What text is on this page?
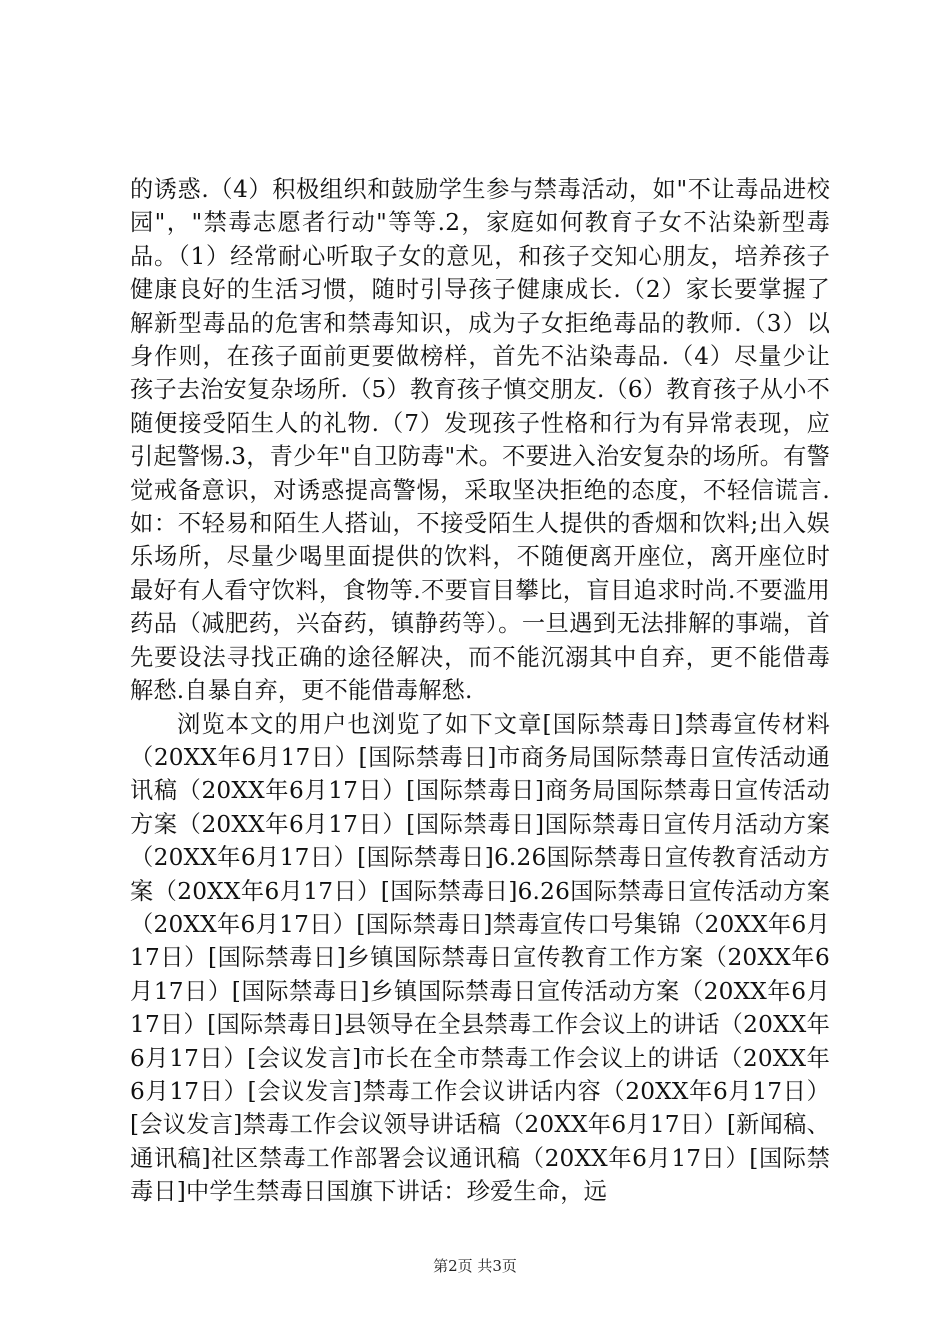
的诱惑.（4）积极组织和鼓励学生参与禁毒活动，如"不让毒品进校园"，"禁毒志愿者行动"等等.2，家庭如何教育子女不沾染新型毒品。（1）经常耐心听取子女的意见，和孩子交知心朋友，培养孩子健康良好的生活习惯，随时引导孩子健康成长.（2）家长要掌握了解新型毒品的危害和禁毒知识，成为子女拒绝毒品的教师.（3）以身作则，在孩子面前更要做榜样，首先不沾染毒品.（4）尽量少让孩子去治安复杂场所.（5）教育孩子慎交朋友.（6）教育孩子从小不随便接受陌生人的礼物.（7）发现孩子性格和行为有异常表现，应引起警惕.3，青少年"自卫防毒"术。不要进入治安复杂的场所。有警觉戒备意识，对诱惑提高警惕，采取坚决拒绝的态度，不轻信谎言.如：不轻易和陌生人搭讪，不接受陌生人提供的香烟和饮料;出入娱乐场所，尽量少喝里面提供的饮料，不随便离开座位，离开座位时最好有人看守饮料，食物等.不要盲目攀比，盲目追求时尚.不要滥用药品（减肥药，兴奋药，镇静药等）。一旦遇到无法排解的事端，首先要设法寻找正确的途径解决，而不能沉溺其中自弃，更不能借毒解愁.自暴自弃，更不能借毒解愁.

浏览本文的用户也浏览了如下文章[国际禁毒日]禁毒宣传材料（20XX年6月17日）[国际禁毒日]市商务局国际禁毒日宣传活动通讯稿（20XX年6月17日）[国际禁毒日]商务局国际禁毒日宣传活动方案（20XX年6月17日）[国际禁毒日]国际禁毒日宣传月活动方案（20XX年6月17日）[国际禁毒日]6.26国际禁毒日宣传教育活动方案（20XX年6月17日）[国际禁毒日]6.26国际禁毒日宣传活动方案（20XX年6月17日）[国际禁毒日]禁毒宣传口号集锦（20XX年6月17日）[国际禁毒日]乡镇国际禁毒日宣传教育工作方案（20XX年6月17日）[国际禁毒日]乡镇国际禁毒日宣传活动方案（20XX年6月17日）[国际禁毒日]县领导在全县禁毒工作会议上的讲话（20XX年6月17日）[会议发言]市长在全市禁毒工作会议上的讲话（20XX年6月17日）[会议发言]禁毒工作会议讲话内容（20XX年6月17日）[会议发言]禁毒工作会议领导讲话稿（20XX年6月17日）[新闻稿、通讯稿]社区禁毒工作部署会议通讯稿（20XX年6月17日）[国际禁毒日]中学生禁毒日国旗下讲话：珍爱生命，远

第2页 共3页
